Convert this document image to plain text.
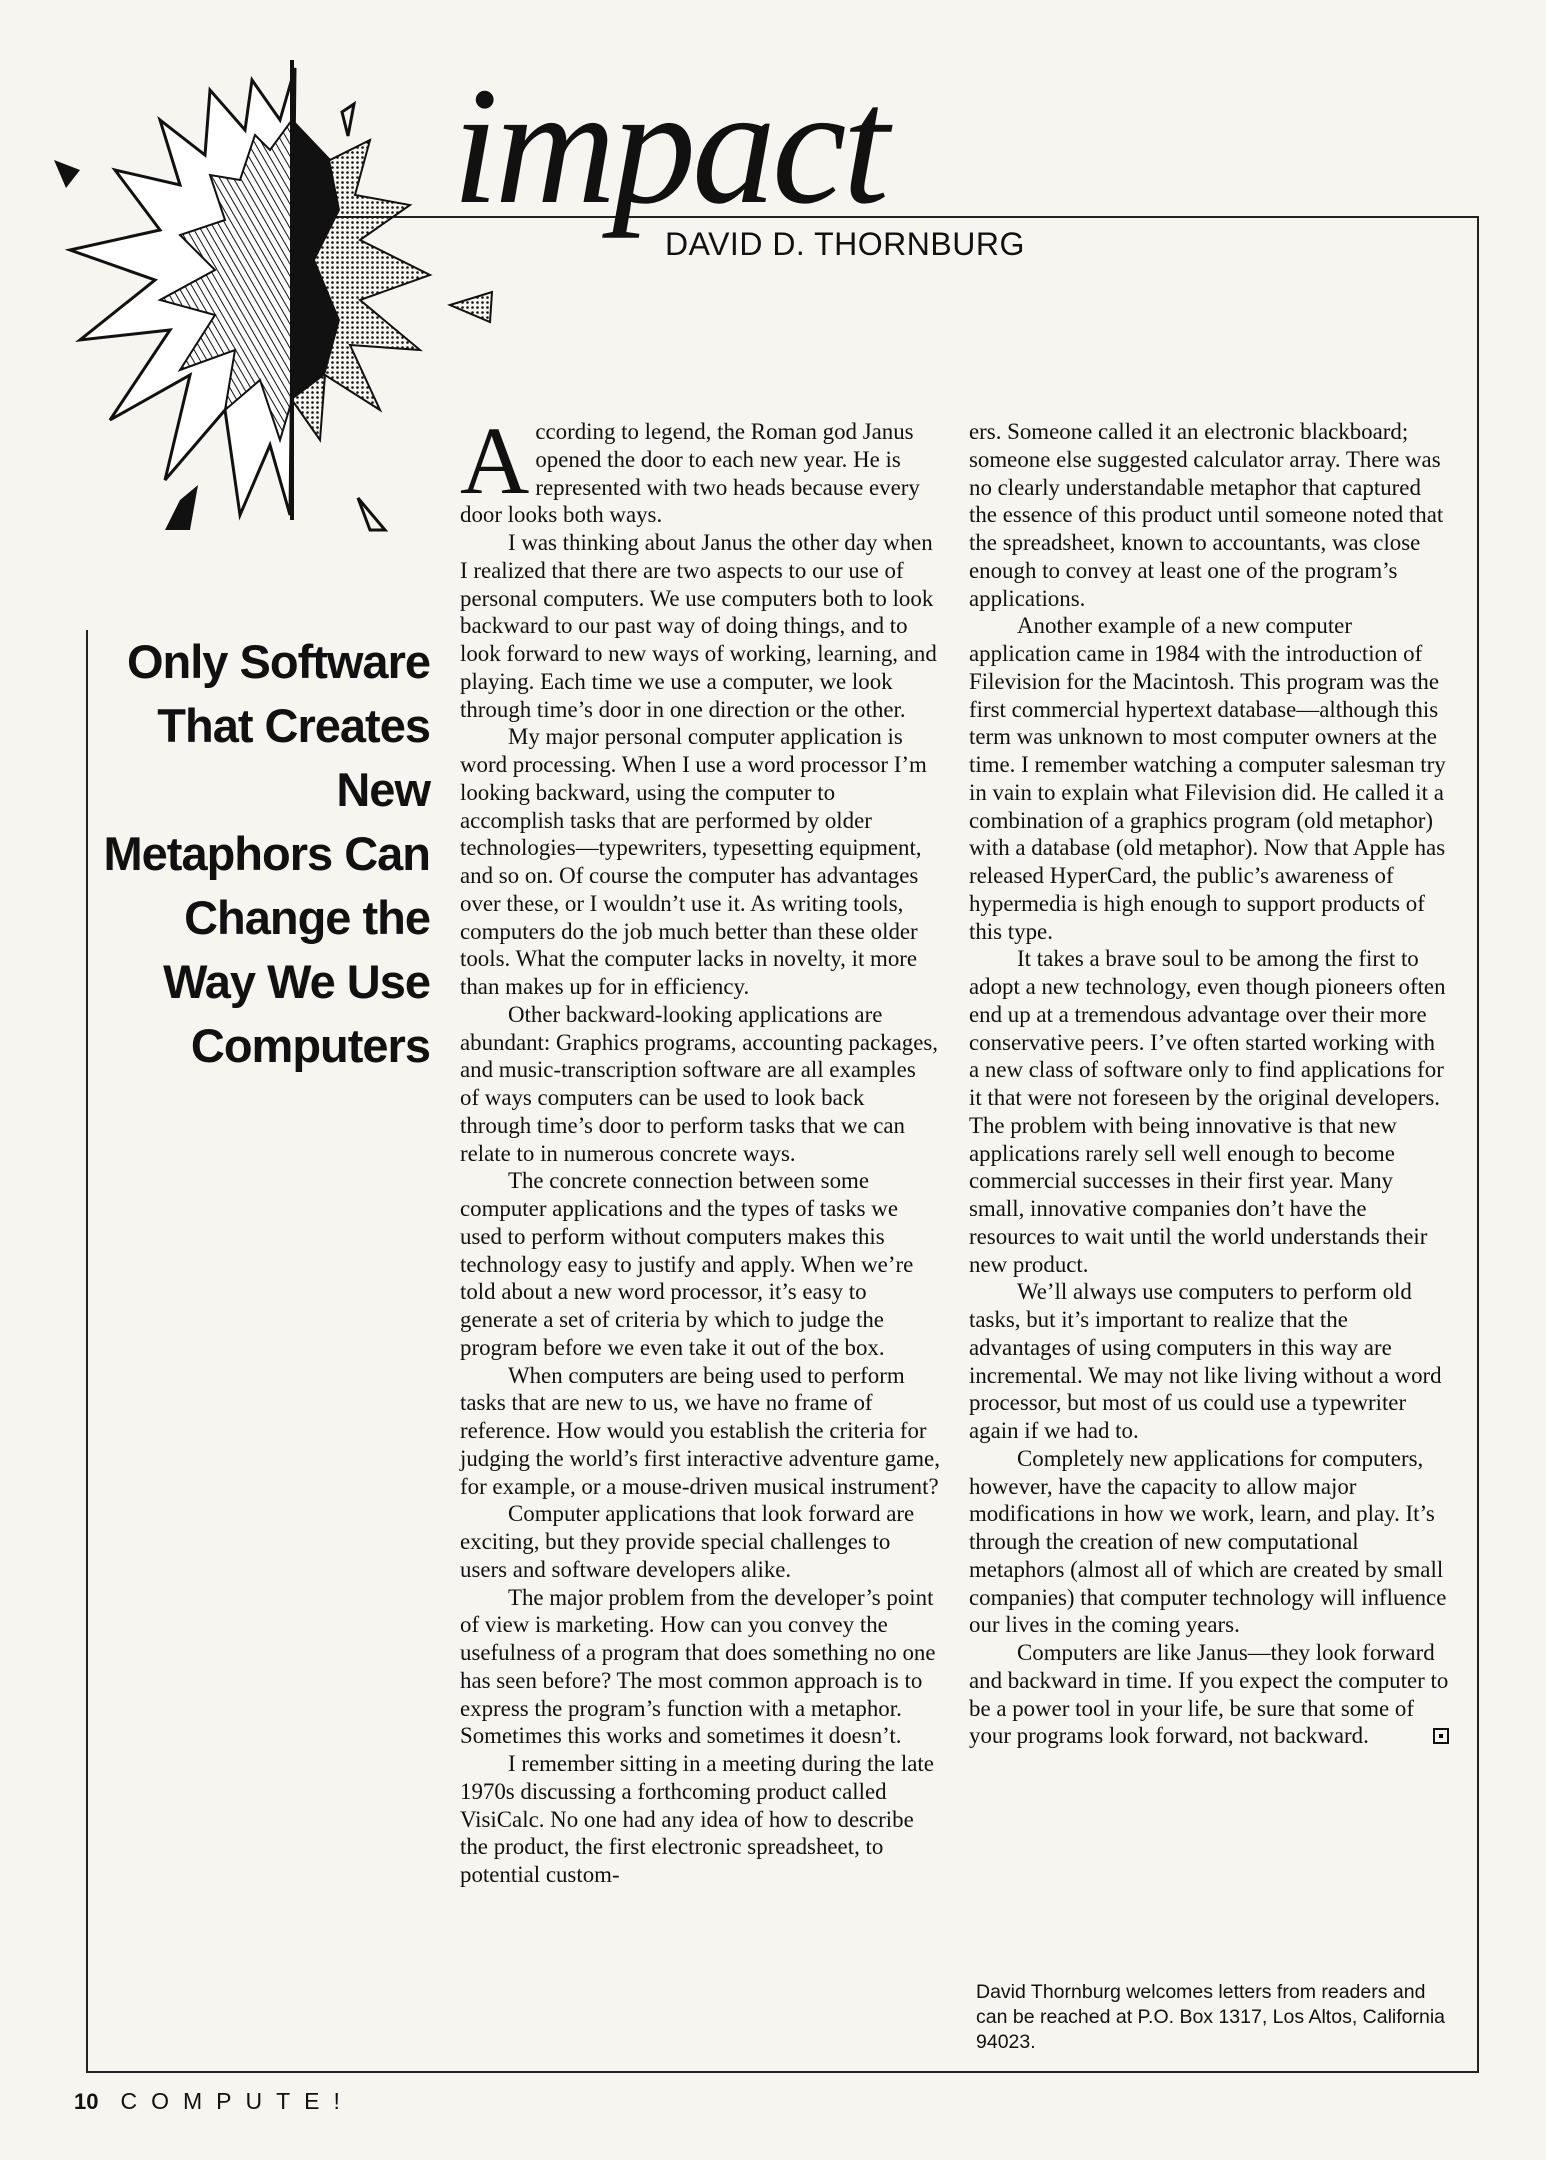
impact
DAVID D. THORNBURG
Only Software
That Creates
New
Metaphors Can
Change the
Way We Use
Computers

According to legend, the Roman god Janus opened the door to each new year. He is represented with two heads because every door looks both ways.

I was thinking about Janus the other day when I realized that there are two aspects to our use of personal computers. We use computers both to look backward to our past way of doing things, and to look forward to new ways of working, learning, and playing. Each time we use a computer, we look through time’s door in one direction or the other.

My major personal computer application is word processing. When I use a word processor I’m looking backward, using the computer to accomplish tasks that are performed by older technologies—typewriters, typesetting equipment, and so on. Of course the computer has advantages over these, or I wouldn’t use it. As writing tools, computers do the job much better than these older tools. What the computer lacks in novelty, it more than makes up for in efficiency.

Other backward-looking applications are abundant: Graphics programs, accounting packages, and music-transcription software are all examples of ways computers can be used to look back through time’s door to perform tasks that we can relate to in numerous concrete ways.

The concrete connection between some computer applications and the types of tasks we used to perform without computers makes this technology easy to justify and apply. When we’re told about a new word processor, it’s easy to generate a set of criteria by which to judge the program before we even take it out of the box.

When computers are being used to perform tasks that are new to us, we have no frame of reference. How would you establish the criteria for judging the world’s first interactive adventure game, for example, or a mouse-driven musical instrument?

Computer applications that look forward are exciting, but they provide special challenges to users and software developers alike.

The major problem from the developer’s point of view is marketing. How can you convey the usefulness of a program that does something no one has seen before? The most common approach is to express the program’s function with a metaphor. Sometimes this works and sometimes it doesn’t.

I remember sitting in a meeting during the late 1970s discussing a forthcoming product called VisiCalc. No one had any idea of how to describe the product, the first electronic spreadsheet, to potential custom-

ers. Someone called it an electronic blackboard; someone else suggested calculator array. There was no clearly understandable metaphor that captured the essence of this product until someone noted that the spreadsheet, known to accountants, was close enough to convey at least one of the program’s applications.

Another example of a new computer application came in 1984 with the introduction of Filevision for the Macintosh. This program was the first commercial hypertext database—although this term was unknown to most computer owners at the time. I remember watching a computer salesman try in vain to explain what Filevision did. He called it a combination of a graphics program (old metaphor) with a database (old metaphor). Now that Apple has released HyperCard, the public’s awareness of hypermedia is high enough to support products of this type.

It takes a brave soul to be among the first to adopt a new technology, even though pioneers often end up at a tremendous advantage over their more conservative peers. I’ve often started working with a new class of software only to find applications for it that were not foreseen by the original developers. The problem with being innovative is that new applications rarely sell well enough to become commercial successes in their first year. Many small, innovative companies don’t have the resources to wait until the world understands their new product.

We’ll always use computers to perform old tasks, but it’s important to realize that the advantages of using computers in this way are incremental. We may not like living without a word processor, but most of us could use a typewriter again if we had to.

Completely new applications for computers, however, have the capacity to allow major modifications in how we work, learn, and play. It’s through the creation of new computational metaphors (almost all of which are created by small companies) that computer technology will influence our lives in the coming years.

Computers are like Janus—they look forward and backward in time. If you expect the computer to be a power tool in your life, be sure that some of your programs look forward, not backward.

David Thornburg welcomes letters from readers and can be reached at P.O. Box 1317, Los Altos, California 94023.
10 COMPUTE!
